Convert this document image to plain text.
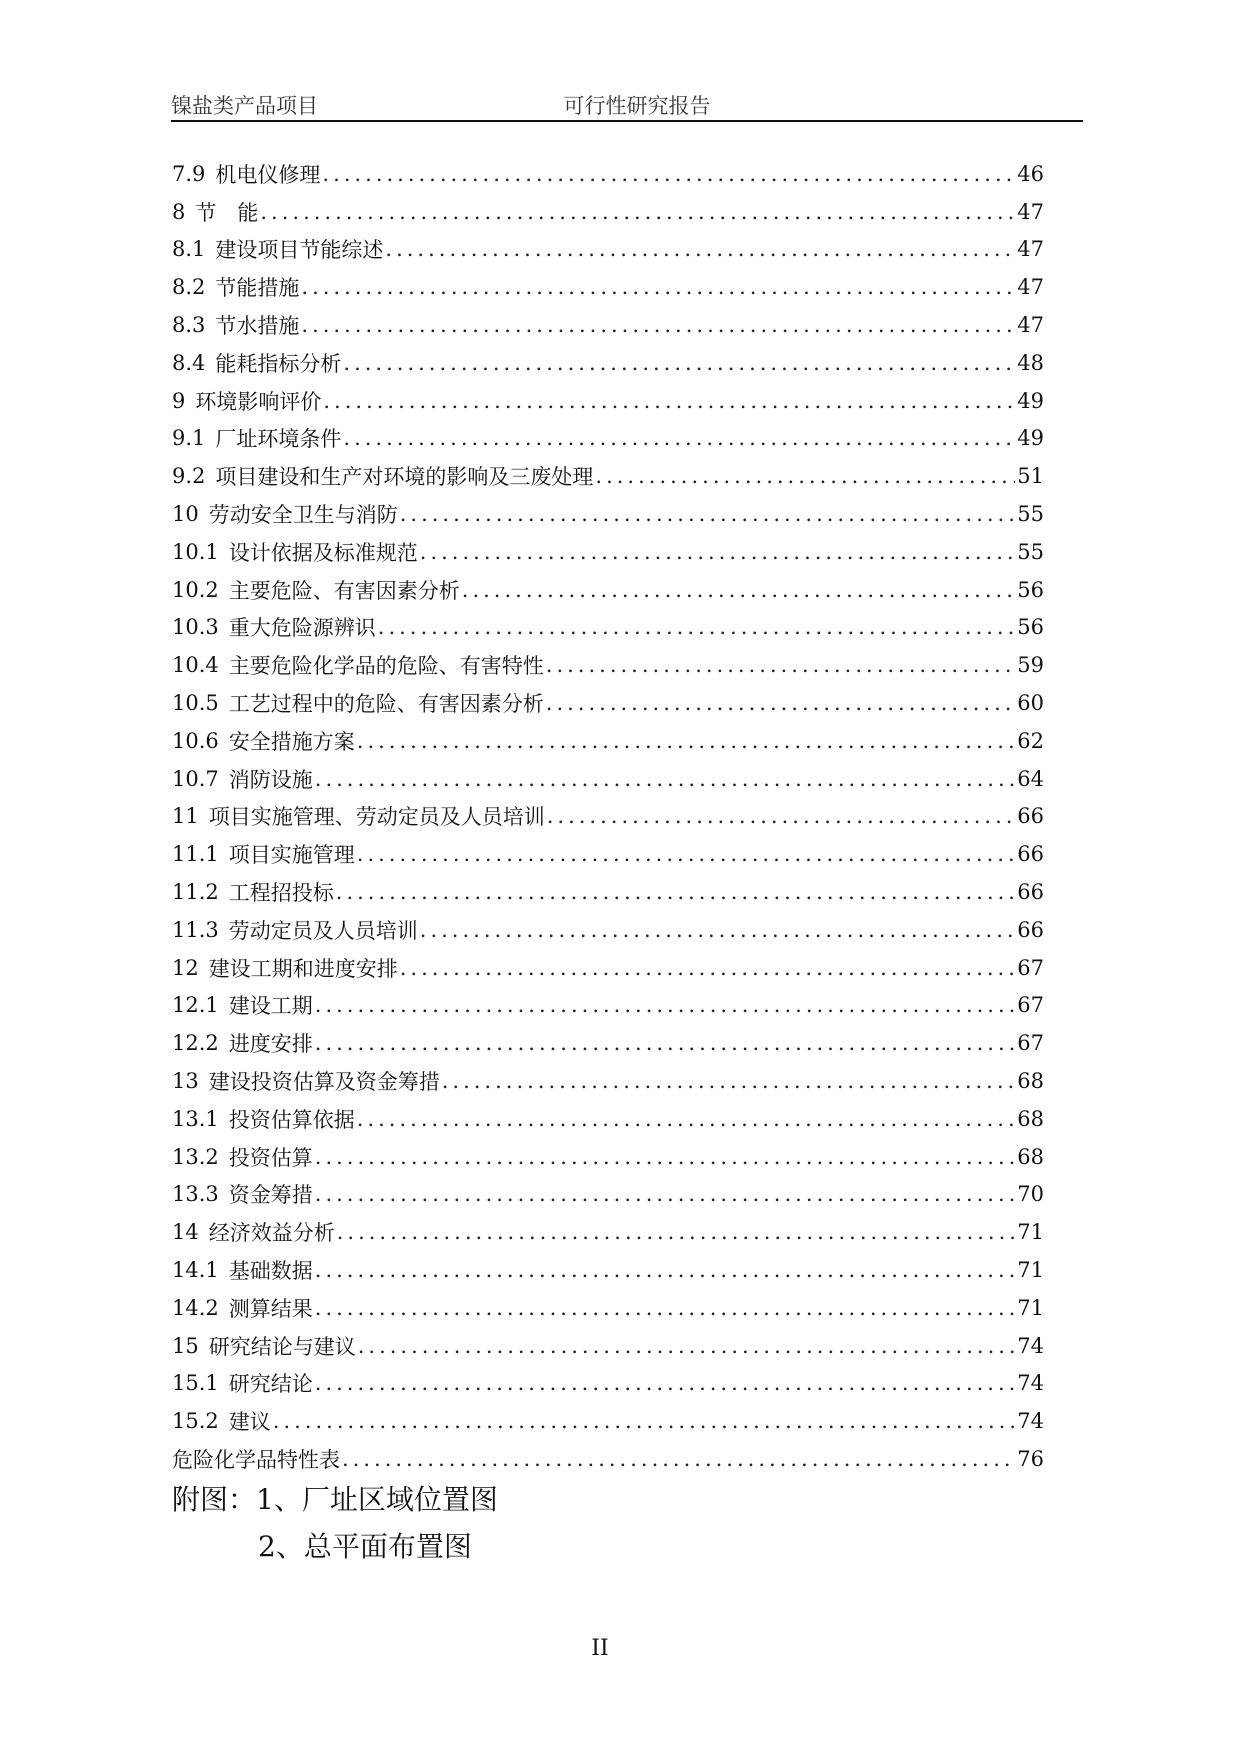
镍盐类产品项目	可行性研究报告
7.9 机电仪修理 .....	46
8 节　能 .....	47
8.1 建设项目节能综述 .....	47
8.2 节能措施 .....	47
8.3 节水措施 .....	47
8.4 能耗指标分析 .....	48
9 环境影响评价 .....	49
9.1 厂址环境条件 .....	49
9.2 项目建设和生产对环境的影响及三废处理 .....	51
10 劳动安全卫生与消防 .....	55
10.1 设计依据及标准规范 .....	55
10.2 主要危险、有害因素分析 .....	56
10.3 重大危险源辨识 .....	56
10.4 主要危险化学品的危险、有害特性 .....	59
10.5 工艺过程中的危险、有害因素分析 .....	60
10.6 安全措施方案 .....	62
10.7 消防设施 .....	64
11 项目实施管理、劳动定员及人员培训 .....	66
11.1 项目实施管理 .....	66
11.2 工程招投标 .....	66
11.3 劳动定员及人员培训 .....	66
12 建设工期和进度安排 .....	67
12.1 建设工期 .....	67
12.2 进度安排 .....	67
13 建设投资估算及资金筹措 .....	68
13.1 投资估算依据 .....	68
13.2 投资估算 .....	68
13.3 资金筹措 .....	70
14 经济效益分析 .....	71
14.1 基础数据 .....	71
14.2 测算结果 .....	71
15 研究结论与建议 .....	74
15.1 研究结论 .....	74
15.2 建议 .....	74
危险化学品特性表 .....	76
附图：1、厂址区域位置图
2、总平面布置图
II
